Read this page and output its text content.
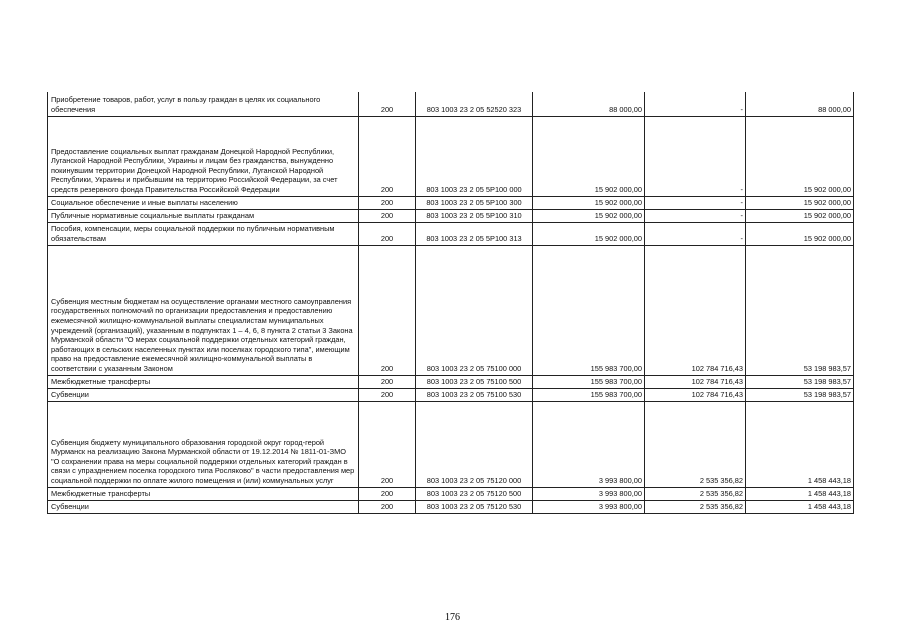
Приобретение товаров, работ, услуг в пользу граждан в целях их социального обеспечения	200	803 1003 23 2 05 52520 323	88 000,00	-	88 000,00
Предоставление социальных выплат гражданам Донецкой Народной Республики, Луганской Народной Республики, Украины и лицам без гражданства, вынужденно покинувшим территории Донецкой Народной Республики, Луганской Народной Республики, Украины и прибывшим на территорию Российской Федерации, за счет средств резервного фонда Правительства Российской Федерации	200	803 1003 23 2 05 5Р100 000	15 902 000,00	-	15 902 000,00
Социальное обеспечение и иные выплаты населению	200	803 1003 23 2 05 5Р100 300	15 902 000,00	-	15 902 000,00
Публичные нормативные социальные выплаты гражданам	200	803 1003 23 2 05 5Р100 310	15 902 000,00	-	15 902 000,00
Пособия, компенсации, меры социальной поддержки по публичным нормативным обязательствам	200	803 1003 23 2 05 5Р100 313	15 902 000,00	-	15 902 000,00
Субвенция местным бюджетам на осуществление органами местного самоуправления государственных полномочий по организации предоставления и предоставлению ежемесячной жилищно-коммунальной выплаты специалистам муниципальных учреждений (организаций), указанным в подпунктах 1 – 4, 6, 8 пункта 2 статьи 3 Закона Мурманской области "О мерах социальной поддержки отдельных категорий граждан, работающих в сельских населенных пунктах или поселках городского типа", имеющим право на предоставление ежемесячной жилищно-коммунальной выплаты в соответствии с указанным Законом	200	803 1003 23 2 05 75100 000	155 983 700,00	102 784 716,43	53 198 983,57
Межбюджетные трансферты	200	803 1003 23 2 05 75100 500	155 983 700,00	102 784 716,43	53 198 983,57
Субвенции	200	803 1003 23 2 05 75100 530	155 983 700,00	102 784 716,43	53 198 983,57
Субвенция бюджету муниципального образования городской округ город-герой Мурманск на реализацию Закона Мурманской области от 19.12.2014 № 1811-01-ЗМО "О сохранении права на меры социальной поддержки отдельных категорий граждан в связи с упразднением поселка городского типа Росляково" в части предоставления мер социальной поддержки по оплате жилого помещения и (или) коммунальных услуг	200	803 1003 23 2 05 75120 000	3 993 800,00	2 535 356,82	1 458 443,18
Межбюджетные трансферты	200	803 1003 23 2 05 75120 500	3 993 800,00	2 535 356,82	1 458 443,18
Субвенции	200	803 1003 23 2 05 75120 530	3 993 800,00	2 535 356,82	1 458 443,18
176
